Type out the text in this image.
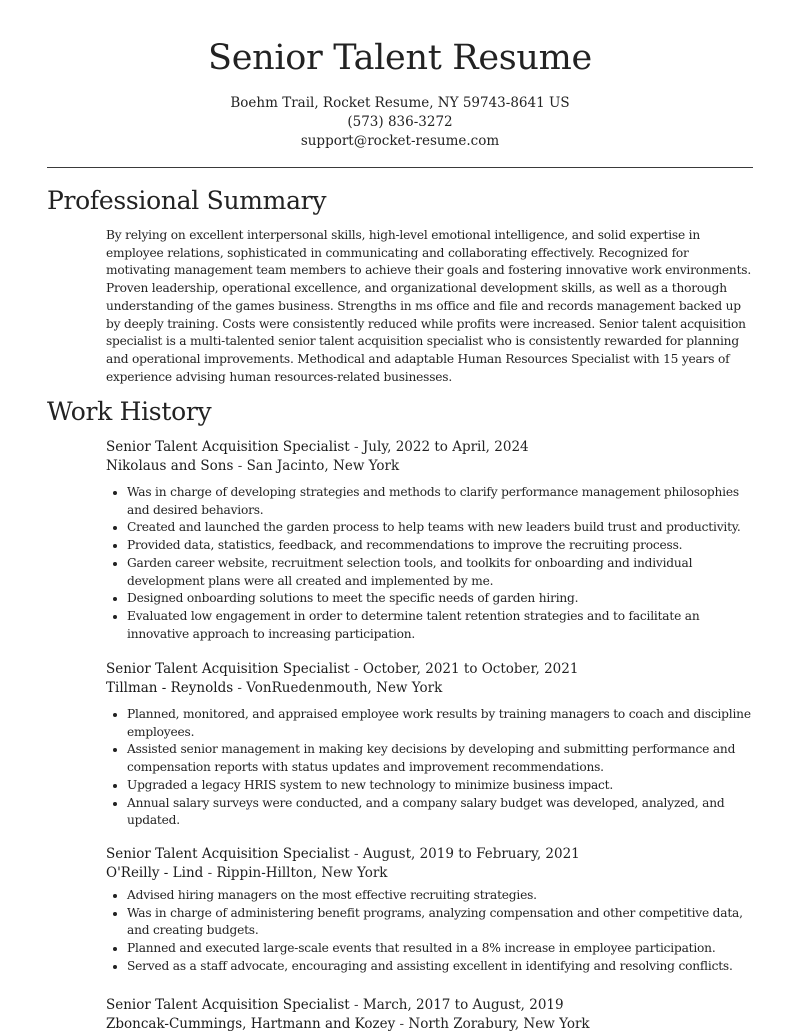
Senior Talent Resume
Boehm Trail, Rocket Resume, NY 59743-8641 US
(573) 836-3272
support@rocket-resume.com
Professional Summary
By relying on excellent interpersonal skills, high-level emotional intelligence, and solid expertise in employee relations, sophisticated in communicating and collaborating effectively. Recognized for motivating management team members to achieve their goals and fostering innovative work environments. Proven leadership, operational excellence, and organizational development skills, as well as a thorough understanding of the games business. Strengths in ms office and file and records management backed up by deeply training. Costs were consistently reduced while profits were increased. Senior talent acquisition specialist is a multi-talented senior talent acquisition specialist who is consistently rewarded for planning and operational improvements. Methodical and adaptable Human Resources Specialist with 15 years of experience advising human resources-related businesses.
Work History
Senior Talent Acquisition Specialist - July, 2022 to April, 2024
Nikolaus and Sons - San Jacinto, New York
• Was in charge of developing strategies and methods to clarify performance management philosophies and desired behaviors.
• Created and launched the garden process to help teams with new leaders build trust and productivity.
• Provided data, statistics, feedback, and recommendations to improve the recruiting process.
• Garden career website, recruitment selection tools, and toolkits for onboarding and individual development plans were all created and implemented by me.
• Designed onboarding solutions to meet the specific needs of garden hiring.
• Evaluated low engagement in order to determine talent retention strategies and to facilitate an innovative approach to increasing participation.
Senior Talent Acquisition Specialist - October, 2021 to October, 2021
Tillman - Reynolds - VonRuedenmouth, New York
• Planned, monitored, and appraised employee work results by training managers to coach and discipline employees.
• Assisted senior management in making key decisions by developing and submitting performance and compensation reports with status updates and improvement recommendations.
• Upgraded a legacy HRIS system to new technology to minimize business impact.
• Annual salary surveys were conducted, and a company salary budget was developed, analyzed, and updated.
Senior Talent Acquisition Specialist - August, 2019 to February, 2021
O'Reilly - Lind - Rippin-Hillton, New York
• Advised hiring managers on the most effective recruiting strategies.
• Was in charge of administering benefit programs, analyzing compensation and other competitive data, and creating budgets.
• Planned and executed large-scale events that resulted in a 8% increase in employee participation.
• Served as a staff advocate, encouraging and assisting excellent in identifying and resolving conflicts.
Senior Talent Acquisition Specialist - March, 2017 to August, 2019
Zboncak-Cummings, Hartmann and Kozey - North Zorabury, New York
